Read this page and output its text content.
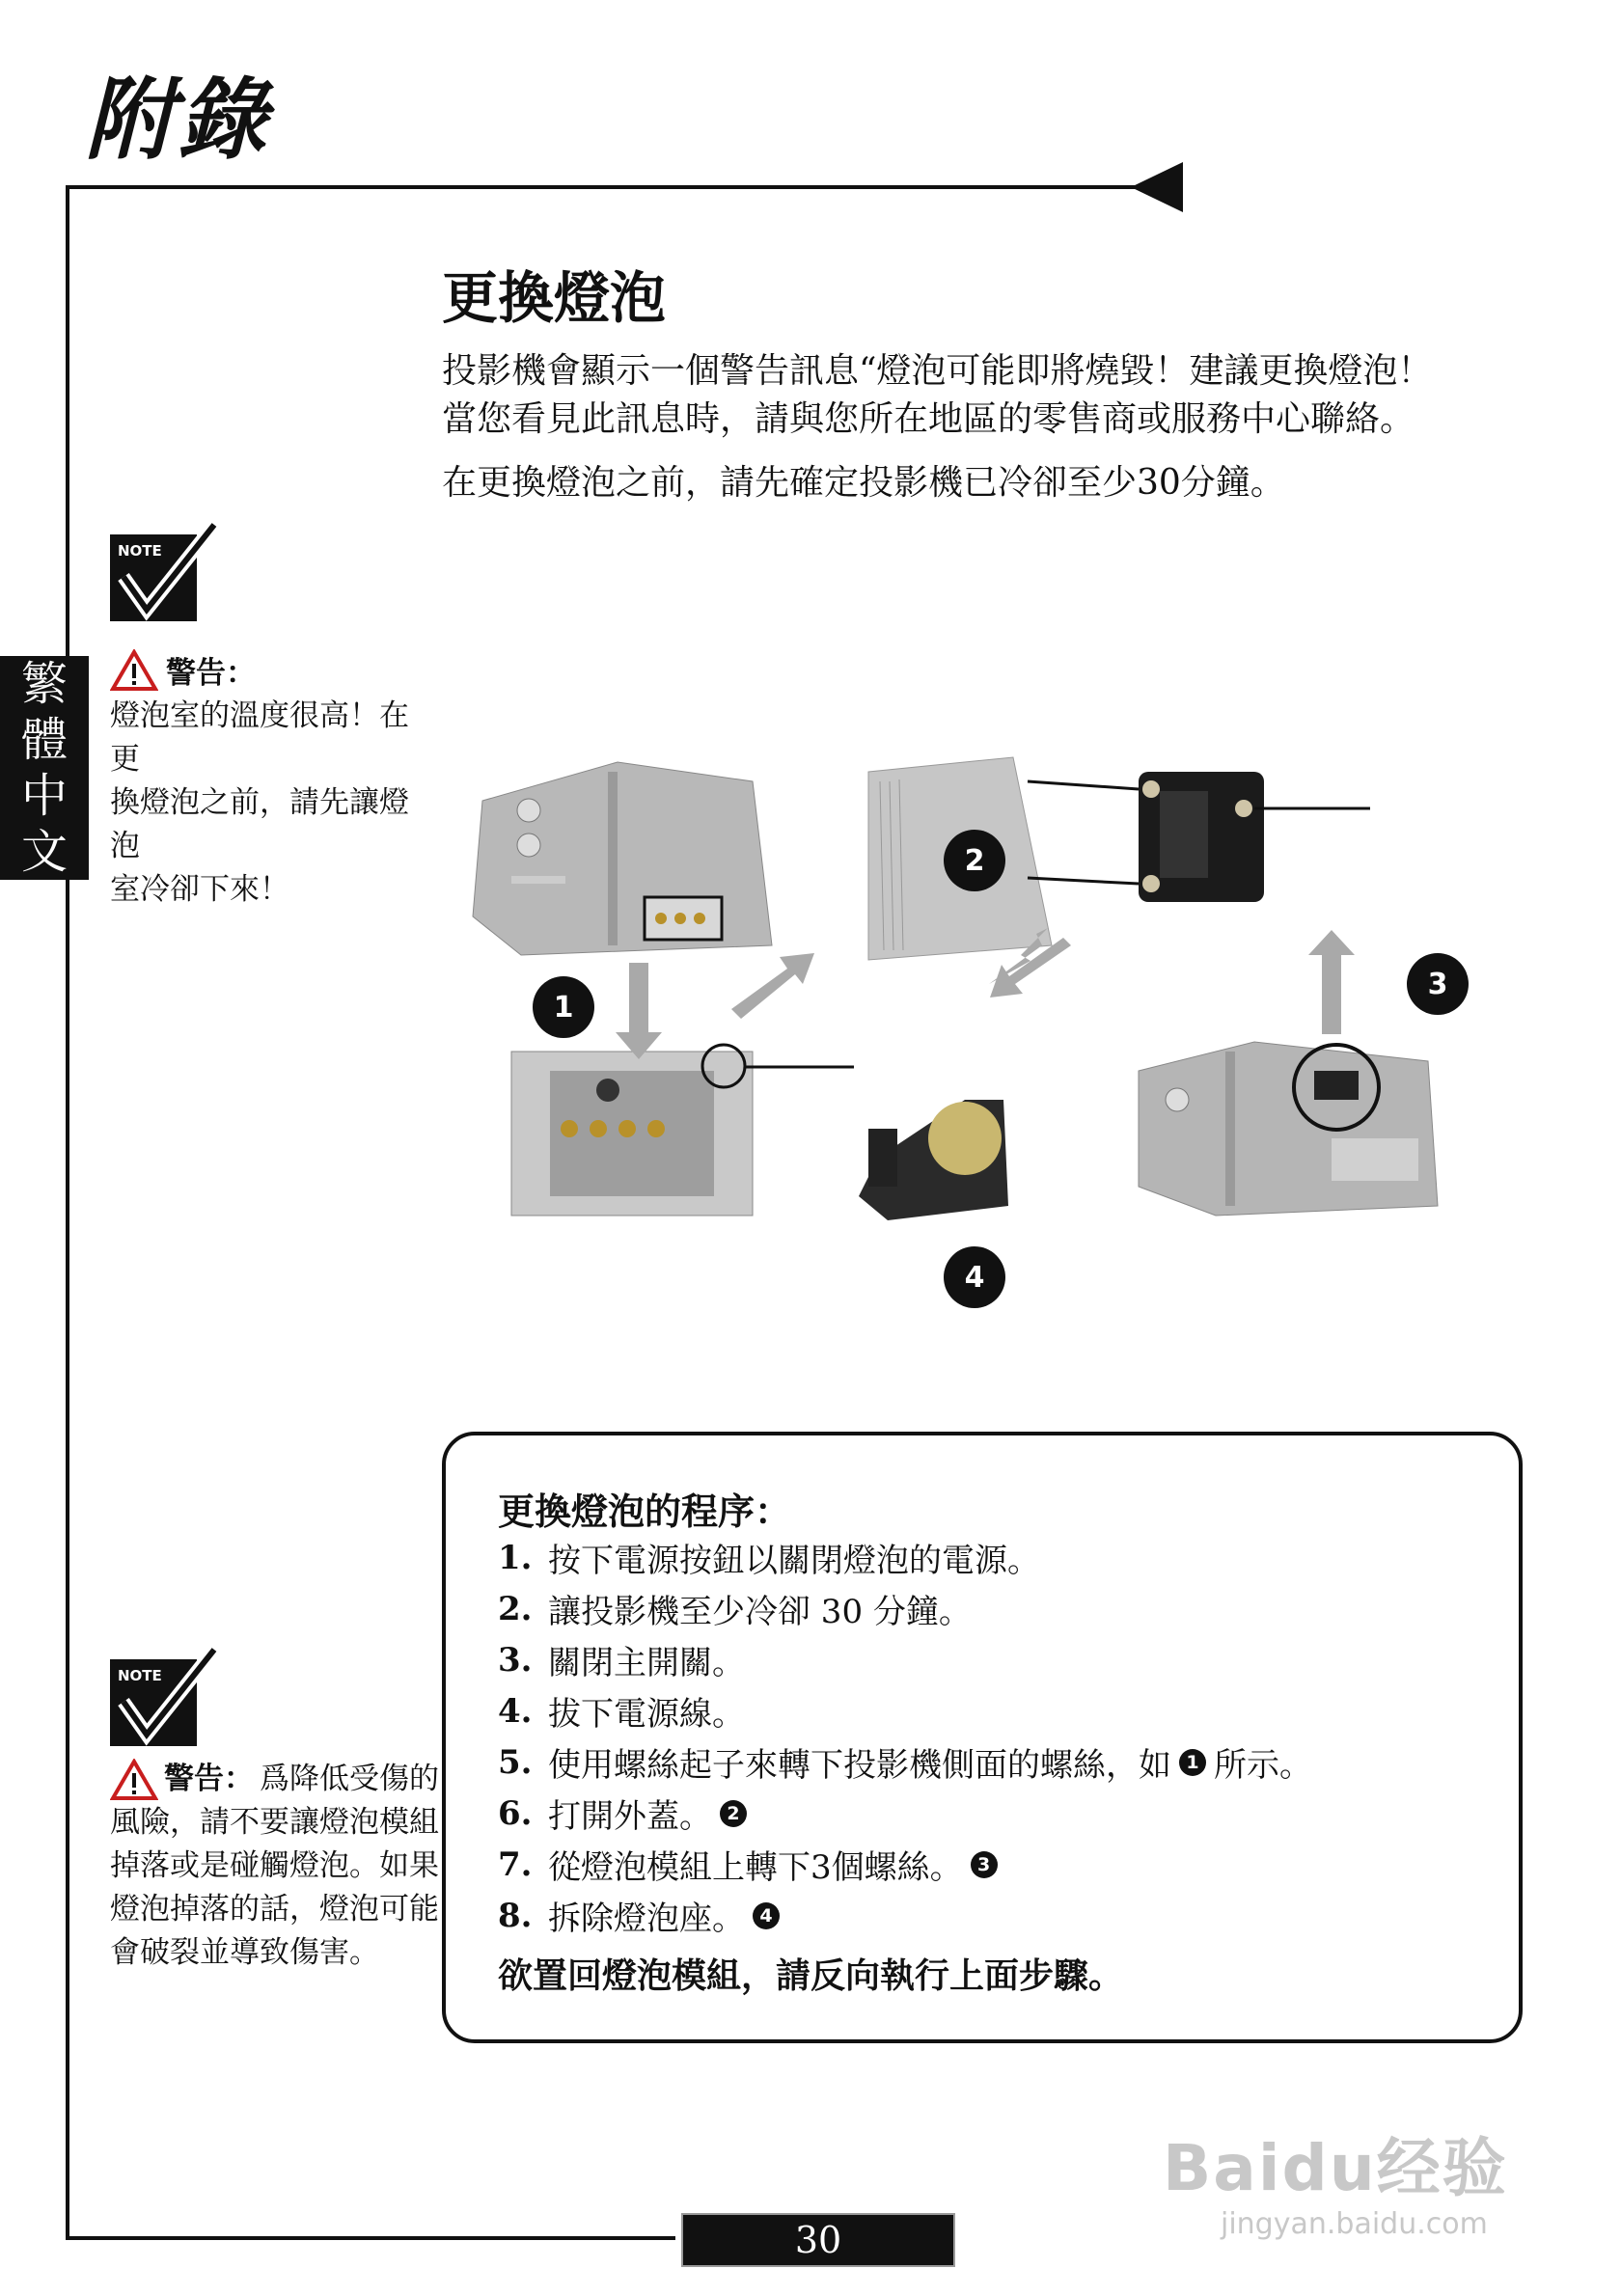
附錄
繁
體
中
文
更換燈泡
投影機會顯示一個警告訊息“燈泡可能即將燒毀！建議更換燈泡！
當您看見此訊息時，請與您所在地區的零售商或服務中心聯絡。
在更換燈泡之前，請先確定投影機已冷卻至少30分鐘。
NOTE
警告：
燈泡室的溫度很高！在更
換燈泡之前，請先讓燈泡
室冷卻下來！
1
2
3
4
NOTE
警告： 爲降低受傷的
風險，請不要讓燈泡模組
掉落或是碰觸燈泡。如果
燈泡掉落的話，燈泡可能
會破裂並導致傷害。
更換燈泡的程序：
1. 按下電源按鈕以關閉燈泡的電源。
2. 讓投影機至少冷卻 30 分鐘。
3. 關閉主開關。
4. 拔下電源線。
5. 使用螺絲起子來轉下投影機側面的螺絲，如 1 所示。
6. 打開外蓋。 2
7. 從燈泡模組上轉下3個螺絲。 3
8. 拆除燈泡座。 4
欲置回燈泡模組，請反向執行上面步驟。
30
Baidu经验
jingyan.baidu.com
